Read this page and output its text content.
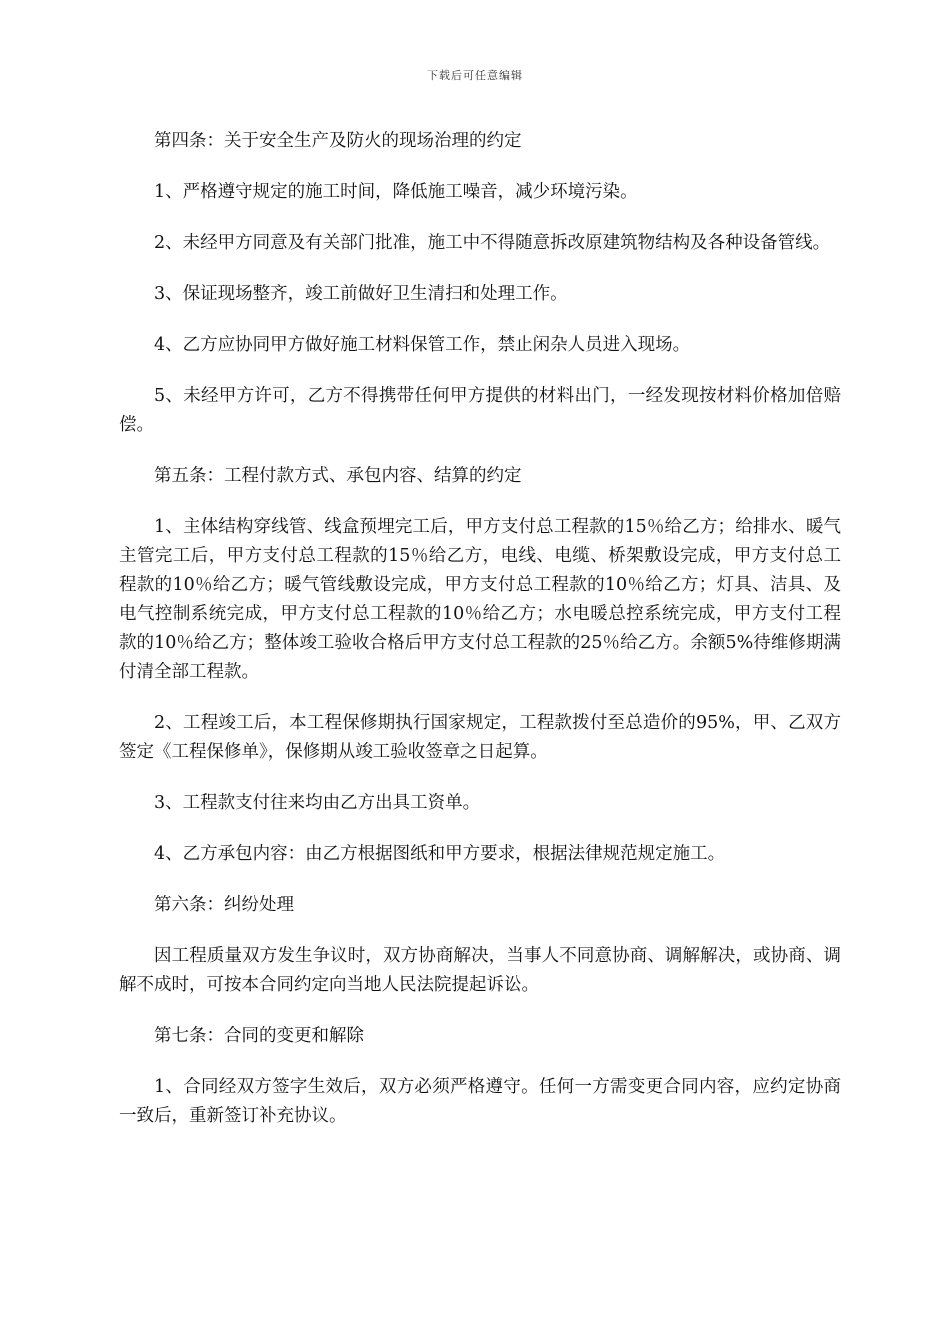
下载后可任意编辑

第四条：关于安全生产及防火的现场治理的约定

1、严格遵守规定的施工时间，降低施工噪音，减少环境污染。

2、未经甲方同意及有关部门批准，施工中不得随意拆改原建筑物结构及各种设备管线。

3、保证现场整齐，竣工前做好卫生清扫和处理工作。

4、乙方应协同甲方做好施工材料保管工作，禁止闲杂人员进入现场。

5、未经甲方许可，乙方不得携带任何甲方提供的材料出门，一经发现按材料价格加倍赔偿。

第五条：工程付款方式、承包内容、结算的约定

1、主体结构穿线管、线盒预埋完工后，甲方支付总工程款的15％给乙方；给排水、暖气主管完工后，甲方支付总工程款的15％给乙方，电线、电缆、桥架敷设完成，甲方支付总工程款的10％给乙方；暖气管线敷设完成，甲方支付总工程款的10％给乙方；灯具、洁具、及电气控制系统完成，甲方支付总工程款的10％给乙方；水电暖总控系统完成，甲方支付工程款的10％给乙方；整体竣工验收合格后甲方支付总工程款的25％给乙方。余额5%待维修期满付清全部工程款。

2、工程竣工后，本工程保修期执行国家规定，工程款拨付至总造价的95%，甲、乙双方签定《工程保修单》，保修期从竣工验收签章之日起算。

3、工程款支付往来均由乙方出具工资单。

4、乙方承包内容：由乙方根据图纸和甲方要求，根据法律规范规定施工。

第六条：纠纷处理

因工程质量双方发生争议时，双方协商解决，当事人不同意协商、调解解决，或协商、调解不成时，可按本合同约定向当地人民法院提起诉讼。

第七条：合同的变更和解除

1、合同经双方签字生效后，双方必须严格遵守。任何一方需变更合同内容，应约定协商一致后，重新签订补充协议。
